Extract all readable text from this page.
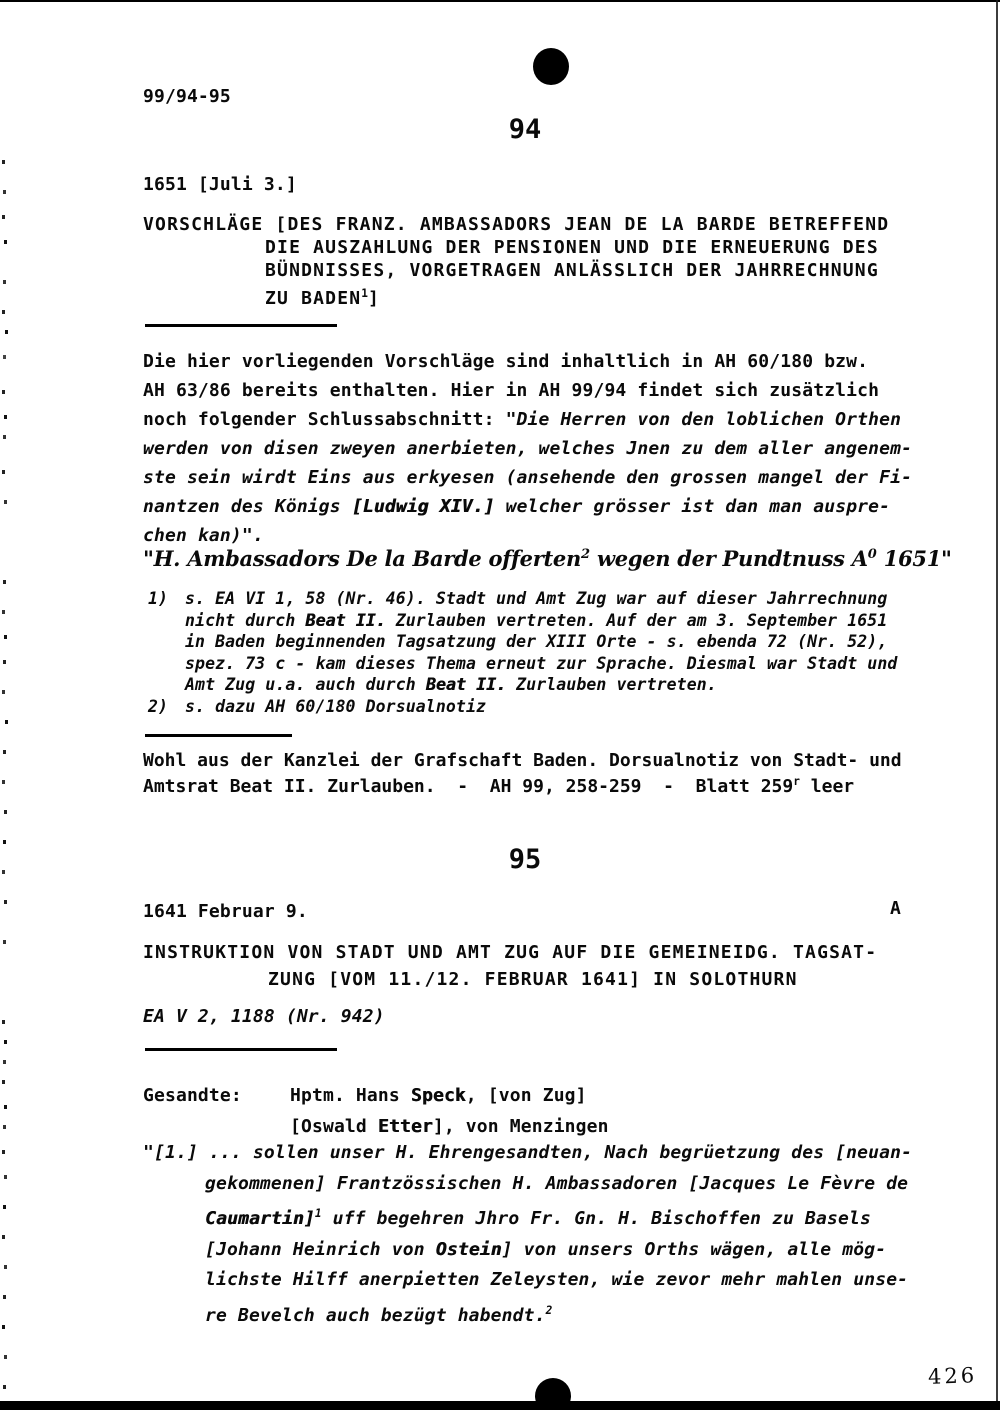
99/94-95
94
1651 [Juli 3.]
VORSCHLÄGE [DES FRANZ. AMBASSADORS JEAN DE LA BARDE BETREFFEND
DIE AUSZAHLUNG DER PENSIONEN UND DIE ERNEUERUNG DES
BÜNDNISSES, VORGETRAGEN ANLÄSSLICH DER JAHRRECHNUNG
ZU BADEN$^1$]
Die hier vorliegenden Vorschläge sind inhaltlich in AH 60/180 bzw.
AH 63/86 bereits enthalten. Hier in AH 99/94 findet sich zusätzlich
noch folgender Schlussabschnitt: "Die Herren von den loblichen Orthen
werden von disen zweyen anerbieten, welches Jnen zu dem aller angenem-
ste sein wirdt Eins aus erkyesen (ansehende den grossen mangel der Fi-
nantzen des Königs [Ludwig XIV.] welcher grösser ist dan man auspre-
chen kan)".
"H. Ambassadors De la Barde offerten$^2$ wegen der Pundtnuss $A^0$ 1651"
1) s. EA VI 1, 58 (Nr. 46). Stadt und Amt Zug war auf dieser Jahrrechnung
nicht durch Beat II. Zurlauben vertreten. Auf der am 3. September 1651
in Baden beginnenden Tagsatzung der XIII Orte - s. ebenda 72 (Nr. 52),
spez. 73 c - kam dieses Thema erneut zur Sprache. Diesmal war Stadt und
Amt Zug u.a. auch durch Beat II. Zurlauben vertreten.
2) s. dazu AH 60/180 Dorsualnotiz
Wohl aus der Kanzlei der Grafschaft Baden. Dorsualnotiz von Stadt- und
Amtsrat Beat II. Zurlauben.  -  AH 99, 258-259  -  Blatt 259$^r$ leer
95
1641 Februar 9.	A
INSTRUKTION VON STADT UND AMT ZUG AUF DIE GEMEINEIDG. TAGSAT-
ZUNG [VOM 11./12. FEBRUAR 1641] IN SOLOTHURN
EA V 2, 1188 (Nr. 942)
Gesandte:	Hptm. Hans Speck, [von Zug]
[Oswald Etter], von Menzingen
"[1.] ... sollen unser H. Ehrengesandten, Nach begrüetzung des [neuan-
gekommenen] Frantzössischen H. Ambassadoren [Jacques Le Fèvre de
Caumartin]$^1$ uff begehren Jhro Fr. Gn. H. Bischoffen zu Basels
[Johann Heinrich von Ostein] von unsers Orths wägen, alle mög-
lichste Hilff anerpietten Zeleysten, wie zevor mehr mahlen unse-
re Bevelch auch bezügt habendt.$^2$
426
